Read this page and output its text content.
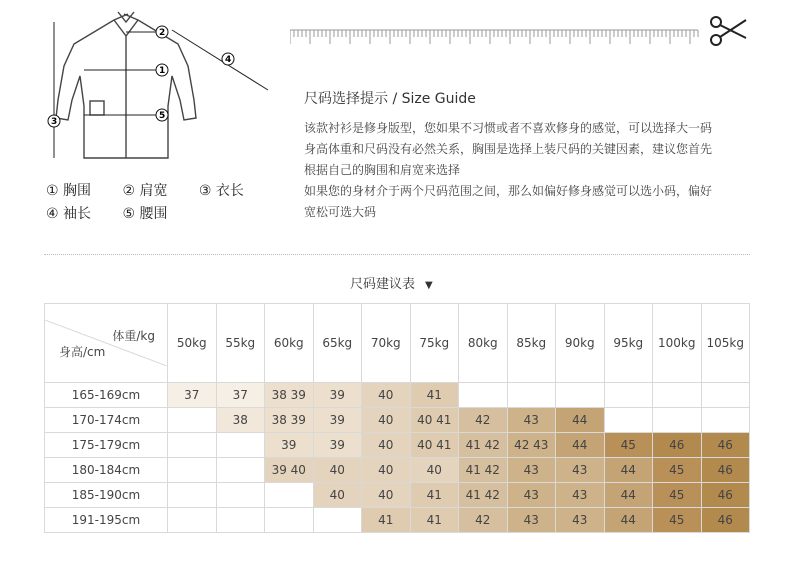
1
2
3
4
5
① 胸围 ② 肩宽 ③ 衣长
④ 袖长 ⑤ 腰围
尺码选择提示 / Size Guide
该款衬衫是修身版型，您如果不习惯或者不喜欢修身的感觉，可以选择大一码
身高体重和尺码没有必然关系，胸围是选择上装尺码的关键因素，建议您首先
根据自己的胸围和肩宽来选择
如果您的身材介于两个尺码范围之间，那么如偏好修身感觉可以选小码，偏好
宽松可选大码
尺码建议表 ▼
体重/kg
身高/cm	50kg	55kg	60kg	65kg	70kg	75kg	80kg	85kg	90kg	95kg	100kg	105kg
165-169cm	37	37	38 39	39	40	41						
170-174cm		38	38 39	39	40	40 41	42	43	44			
175-179cm			39	39	40	40 41	41 42	42 43	44	45	46	46
180-184cm			39 40	40	40	40	41 42	43	43	44	45	46
185-190cm				40	40	41	41 42	43	43	44	45	46
191-195cm					41	41	42	43	43	44	45	46
